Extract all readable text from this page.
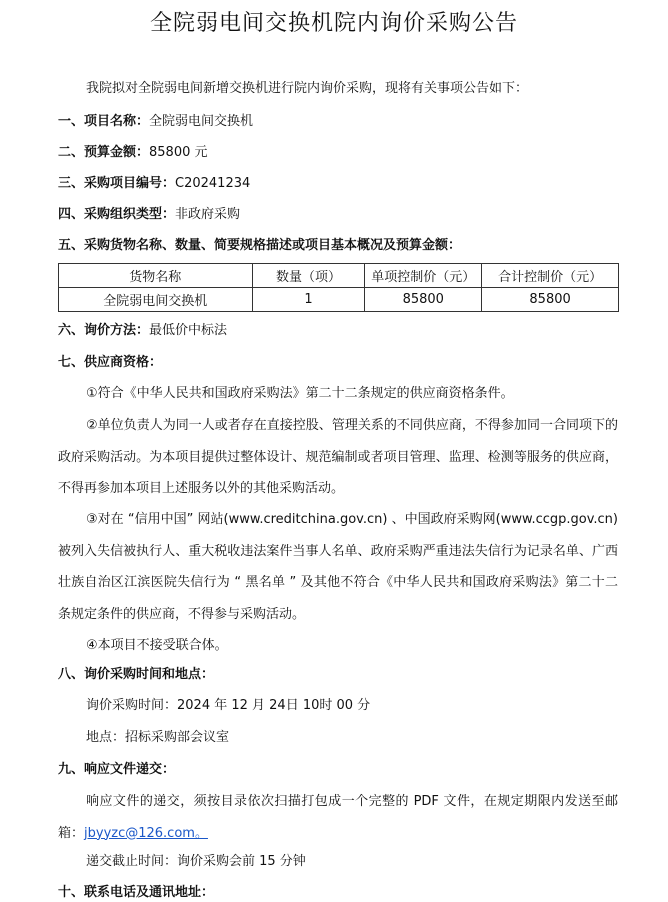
全院弱电间交换机院内询价采购公告
我院拟对全院弱电间新增交换机进行院内询价采购，现将有关事项公告如下：
一、项目名称：全院弱电间交换机
二、预算金额：85800 元
三、采购项目编号：C20241234
四、采购组织类型：非政府采购
五、采购货物名称、数量、简要规格描述或项目基本概况及预算金额：
货物名称	数量（项）	单项控制价（元）	合计控制价（元）
全院弱电间交换机	1	85800	85800
六、询价方法：最低价中标法
七、供应商资格：
①符合《中华人民共和国政府采购法》第二十二条规定的供应商资格条件。
②单位负责人为同一人或者存在直接控股、管理关系的不同供应商，不得参加同一合同项下的政府采购活动。为本项目提供过整体设计、规范编制或者项目管理、监理、检测等服务的供应商，不得再参加本项目上述服务以外的其他采购活动。
③对在 “信用中国” 网站(www.creditchina.gov.cn) 、中国政府采购网(www.ccgp.gov.cn)被列入失信被执行人、重大税收违法案件当事人名单、政府采购严重违法失信行为记录名单、广西壮族自治区江滨医院失信行为 “ 黑名单 ” 及其他不符合《中华人民共和国政府采购法》第二十二条规定条件的供应商，不得参与采购活动。
④本项目不接受联合体。
八、询价采购时间和地点：
询价采购时间：2024 年 12 月 24日 10时 00 分
地点：招标采购部会议室
九、响应文件递交：
响应文件的递交，须按目录依次扫描打包成一个完整的 PDF 文件，在规定期限内发送至邮箱：jbyyzc@126.com。
递交截止时间：询价采购会前 15 分钟
十、联系电话及通讯地址：
